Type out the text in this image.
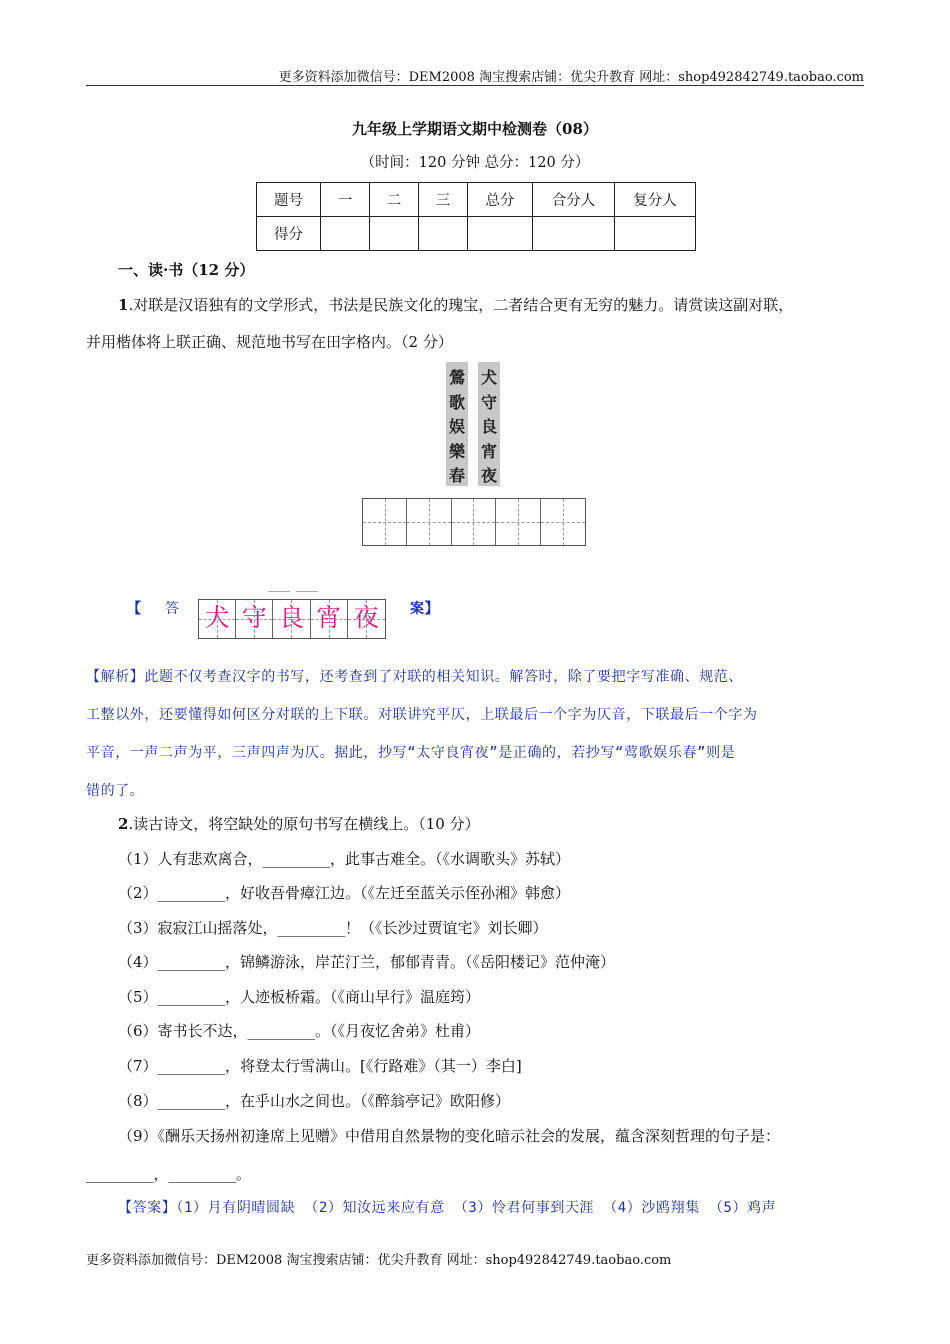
更多资料添加微信号：DEM2008 淘宝搜索店铺：优尖升教育 网址：shop492842749.taobao.com
九年级上学期语文期中检测卷（08）
（时间：120 分钟 总分：120 分）
题号	一	二	三	总分	合分人	复分人
得分						
一、读·书（12 分）
1.对联是汉语独有的文学形式，书法是民族文化的瑰宝，二者结合更有无穷的魅力。请赏读这副对联，
并用楷体将上联正确、规范地书写在田字格内。（2 分）
鶯
歌
娱
樂
春
犬
守
良
宵
夜
【 答	案】
犬 守 良 宵 夜
【解析】此题不仅考查汉字的书写，还考查到了对联的相关知识。解答时，除了要把字写准确、规范、
工整以外，还要懂得如何区分对联的上下联。对联讲究平仄，上联最后一个字为仄音，下联最后一个字为
平音，一声二声为平，三声四声为仄。据此，抄写“太守良宵夜”是正确的，若抄写“莺歌娱乐春”则是
错的了。
2.读古诗文，将空缺处的原句书写在横线上。（10 分）
（1）人有悲欢离合，_________，此事古难全。（《水调歌头》苏轼）
（2）_________，好收吾骨瘴江边。（《左迁至蓝关示侄孙湘》韩愈）
（3）寂寂江山摇落处，_________！（《长沙过贾谊宅》刘长卿）
（4）_________，锦鳞游泳，岸芷汀兰，郁郁青青。（《岳阳楼记》范仲淹）
（5）_________，人迹板桥霜。（《商山早行》温庭筠）
（6）寄书长不达，_________。（《月夜忆舍弟》杜甫）
（7）_________，将登太行雪满山。[《行路难》（其一）李白]
（8）_________，在乎山水之间也。（《醉翁亭记》欧阳修）
（9）《酬乐天扬州初逢席上见赠》中借用自然景物的变化暗示社会的发展，蕴含深刻哲理的句子是：
_________，_________。
【答案】（1）月有阴晴圆缺 （2）知汝远来应有意 （3）怜君何事到天涯 （4）沙鸥翔集 （5）鸡声
更多资料添加微信号：DEM2008 淘宝搜索店铺：优尖升教育 网址：shop492842749.taobao.com
